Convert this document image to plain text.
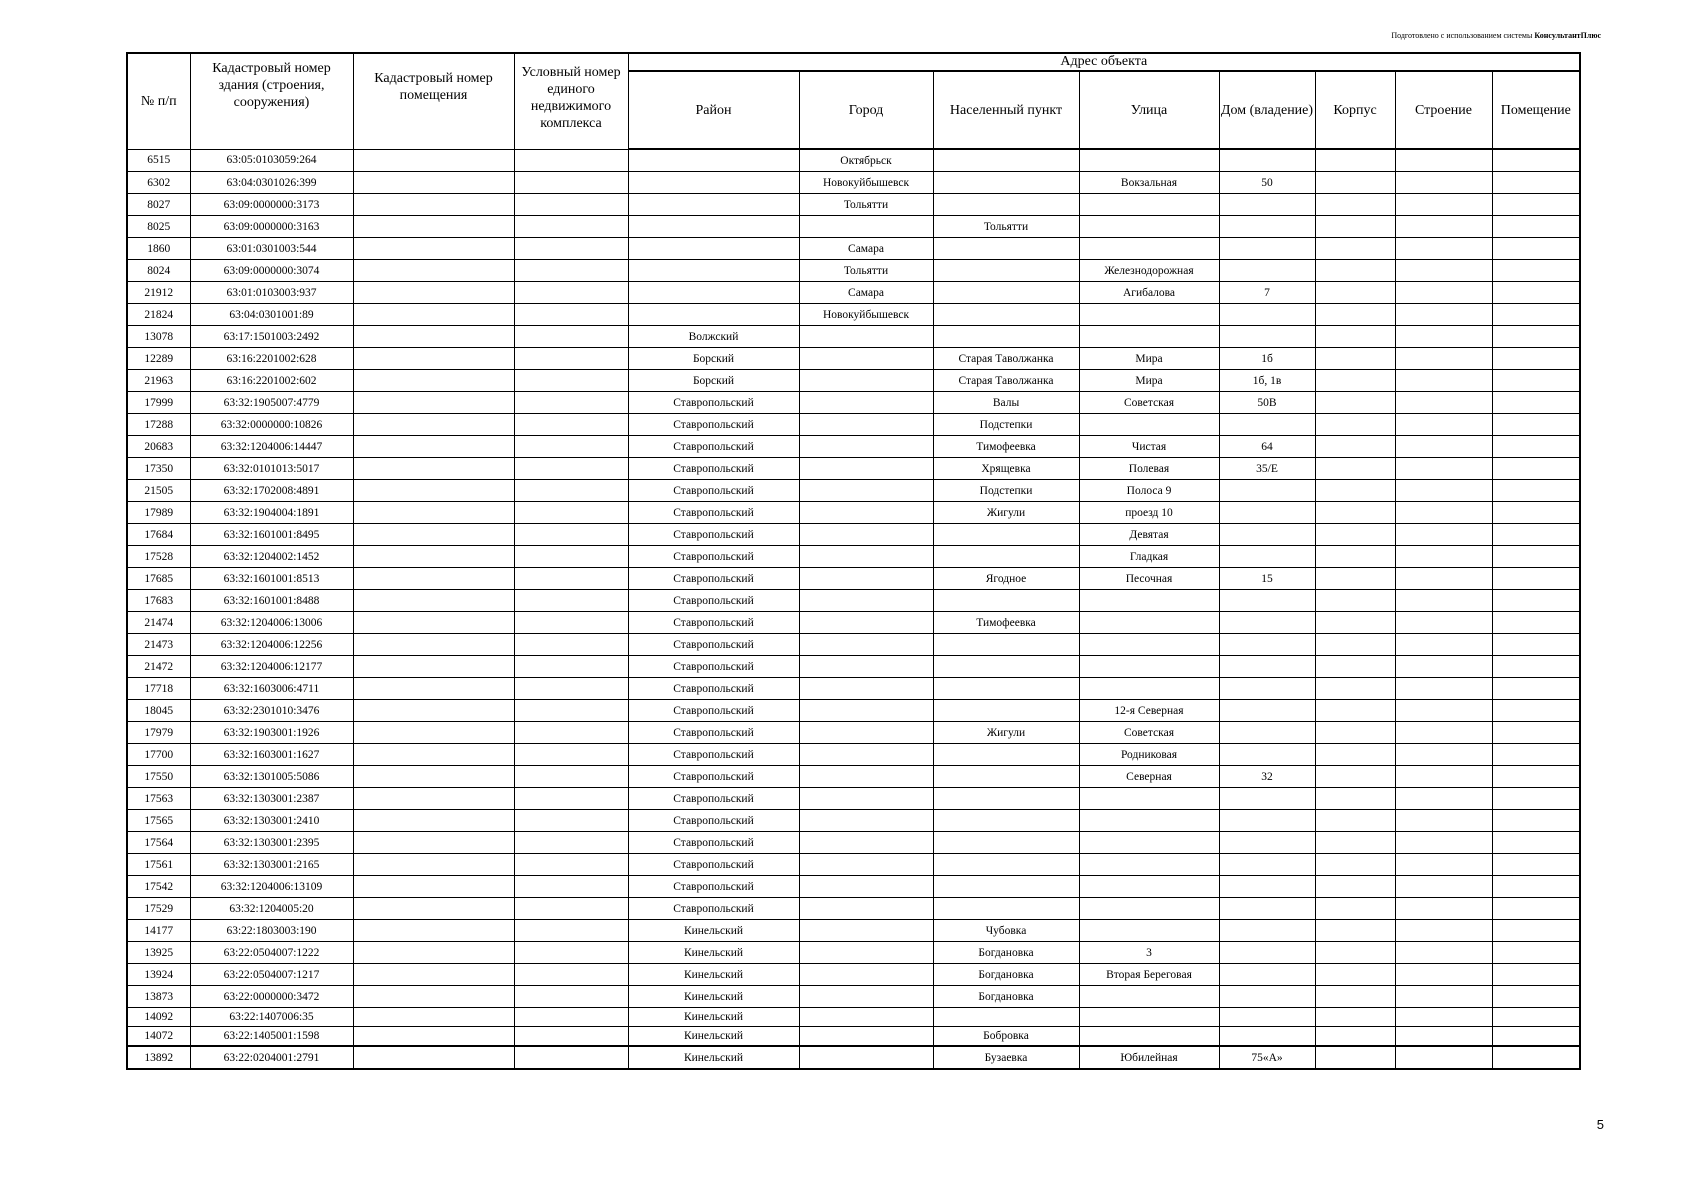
Подготовлено с использованием системы КонсультантПлюс
№ п/п	Кадастровый номер здания (строения, сооружения)	Кадастровый номер помещения	Условный номер единого недвижимого комплекса	Адрес объекта							
				Район	Город	Населенный пункт	Улица	Дом (владение)	Корпус	Строение	Помещение
6515	63:05:0103059:264				Октябрьск						
6302	63:04:0301026:399				Новокуйбышевск		Вокзальная	50			
8027	63:09:0000000:3173				Тольятти						
8025	63:09:0000000:3163					Тольятти					
1860	63:01:0301003:544				Самара						
8024	63:09:0000000:3074				Тольятти		Железнодорожная				
21912	63:01:0103003:937				Самара		Агибалова	7			
21824	63:04:0301001:89				Новокуйбышевск						
13078	63:17:1501003:2492			Волжский							
12289	63:16:2201002:628			Борский		Старая Таволжанка	Мира	1б			
21963	63:16:2201002:602			Борский		Старая Таволжанка	Мира	1б, 1в			
17999	63:32:1905007:4779			Ставропольский		Валы	Советская	50В			
17288	63:32:0000000:10826			Ставропольский		Подстепки					
20683	63:32:1204006:14447			Ставропольский		Тимофеевка	Чистая	64			
17350	63:32:0101013:5017			Ставропольский		Хрящевка	Полевая	35/Е			
21505	63:32:1702008:4891			Ставропольский		Подстепки	Полоса 9				
17989	63:32:1904004:1891			Ставропольский		Жигули	проезд 10				
17684	63:32:1601001:8495			Ставропольский			Девятая				
17528	63:32:1204002:1452			Ставропольский			Гладкая				
17685	63:32:1601001:8513			Ставропольский		Ягодное	Песочная	15			
17683	63:32:1601001:8488			Ставропольский							
21474	63:32:1204006:13006			Ставропольский		Тимофеевка					
21473	63:32:1204006:12256			Ставропольский							
21472	63:32:1204006:12177			Ставропольский							
17718	63:32:1603006:4711			Ставропольский							
18045	63:32:2301010:3476			Ставропольский			12-я Северная				
17979	63:32:1903001:1926			Ставропольский		Жигули	Советская				
17700	63:32:1603001:1627			Ставропольский			Родниковая				
17550	63:32:1301005:5086			Ставропольский			Северная	32			
17563	63:32:1303001:2387			Ставропольский							
17565	63:32:1303001:2410			Ставропольский							
17564	63:32:1303001:2395			Ставропольский							
17561	63:32:1303001:2165			Ставропольский							
17542	63:32:1204006:13109			Ставропольский							
17529	63:32:1204005:20			Ставропольский							
14177	63:22:1803003:190			Кинельский		Чубовка					
13925	63:22:0504007:1222			Кинельский		Богдановка	3				
13924	63:22:0504007:1217			Кинельский		Богдановка	Вторая Береговая				
13873	63:22:0000000:3472			Кинельский		Богдановка					
14092	63:22:1407006:35			Кинельский							
14072	63:22:1405001:1598			Кинельский		Бобровка					
13892	63:22:0204001:2791			Кинельский		Бузаевка	Юбилейная	75«А»			
5
